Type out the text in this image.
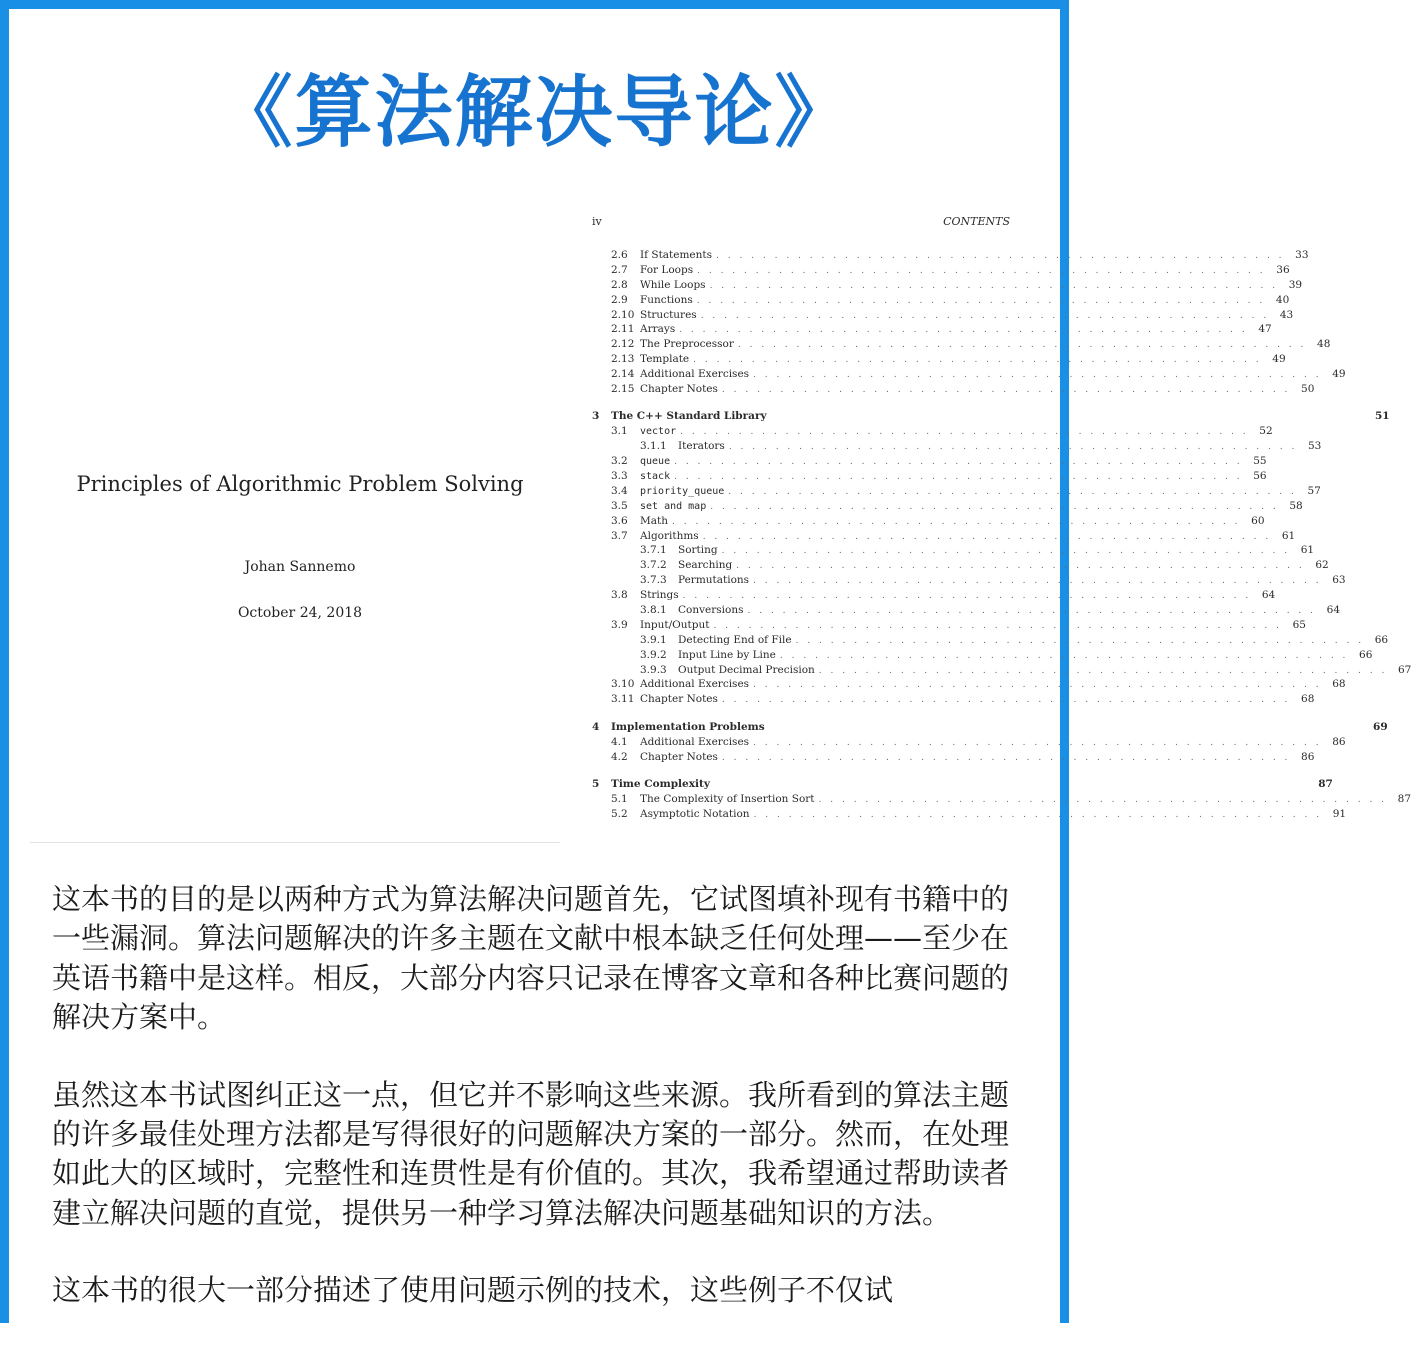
《算法解决导论》
Principles of Algorithmic Problem Solving
Johan Sannemo
October 24, 2018
iv	CONTENTS
2.6	If Statements . . . . . . . . . . . . . . . . . . . . . . . . . . . . . . . . . . . . . . . . . . . . . . . . .	33
2.7	For Loops . . . . . . . . . . . . . . . . . . . . . . . . . . . . . . . . . . . . . . . . . . . . . . . . .	36
2.8	While Loops . . . . . . . . . . . . . . . . . . . . . . . . . . . . . . . . . . . . . . . . . . . . . . . . .	39
2.9	Functions . . . . . . . . . . . . . . . . . . . . . . . . . . . . . . . . . . . . . . . . . . . . . . . . .	40
2.10 Structures . . . . . . . . . . . . . . . . . . . . . . . . . . . . . . . . . . . . . . . . . . . . . . . . .	43
2.11 Arrays . . . . . . . . . . . . . . . . . . . . . . . . . . . . . . . . . . . . . . . . . . . . . . . . .	47
2.12 The Preprocessor . . . . . . . . . . . . . . . . . . . . . . . . . . . . . . . . . . . . . . . . . . . . . . . . .	48
2.13 Template . . . . . . . . . . . . . . . . . . . . . . . . . . . . . . . . . . . . . . . . . . . . . . . . .	49
2.14 Additional Exercises . . . . . . . . . . . . . . . . . . . . . . . . . . . . . . . . . . . . . . . . . . . . . . . . .	49
2.15 Chapter Notes . . . . . . . . . . . . . . . . . . . . . . . . . . . . . . . . . . . . . . . . . . . . . . . . .	50
3	The C++ Standard Library	51
3.1	vector . . . . . . . . . . . . . . . . . . . . . . . . . . . . . . . . . . . . . . . . . . . . . . . . .	52
3.1.1	Iterators . . . . . . . . . . . . . . . . . . . . . . . . . . . . . . . . . . . . . . . . . . . . . . . . .	53
3.2	queue . . . . . . . . . . . . . . . . . . . . . . . . . . . . . . . . . . . . . . . . . . . . . . . . .	55
3.3	stack . . . . . . . . . . . . . . . . . . . . . . . . . . . . . . . . . . . . . . . . . . . . . . . . .	56
3.4	priority_queue . . . . . . . . . . . . . . . . . . . . . . . . . . . . . . . . . . . . . . . . . . . . . . . . .	57
3.5	set and map . . . . . . . . . . . . . . . . . . . . . . . . . . . . . . . . . . . . . . . . . . . . . . . . .	58
3.6	Math . . . . . . . . . . . . . . . . . . . . . . . . . . . . . . . . . . . . . . . . . . . . . . . . .	60
3.7	Algorithms . . . . . . . . . . . . . . . . . . . . . . . . . . . . . . . . . . . . . . . . . . . . . . . . .	61
3.7.1	Sorting . . . . . . . . . . . . . . . . . . . . . . . . . . . . . . . . . . . . . . . . . . . . . . . . .	61
3.7.2	Searching . . . . . . . . . . . . . . . . . . . . . . . . . . . . . . . . . . . . . . . . . . . . . . . . .	62
3.7.3	Permutations . . . . . . . . . . . . . . . . . . . . . . . . . . . . . . . . . . . . . . . . . . . . . . . . .	63
3.8	Strings . . . . . . . . . . . . . . . . . . . . . . . . . . . . . . . . . . . . . . . . . . . . . . . . .	64
3.8.1	Conversions . . . . . . . . . . . . . . . . . . . . . . . . . . . . . . . . . . . . . . . . . . . . . . . . .	64
3.9	Input/Output . . . . . . . . . . . . . . . . . . . . . . . . . . . . . . . . . . . . . . . . . . . . . . . . .	65
3.9.1	Detecting End of File . . . . . . . . . . . . . . . . . . . . . . . . . . . . . . . . . . . . . . . . . . . . . . . . .	66
3.9.2	Input Line by Line . . . . . . . . . . . . . . . . . . . . . . . . . . . . . . . . . . . . . . . . . . . . . . . . .	66
3.9.3	Output Decimal Precision . . . . . . . . . . . . . . . . . . . . . . . . . . . . . . . . . . . . . . . . . . . . . . . . .	67
3.10 Additional Exercises . . . . . . . . . . . . . . . . . . . . . . . . . . . . . . . . . . . . . . . . . . . . . . . . .	68
3.11 Chapter Notes . . . . . . . . . . . . . . . . . . . . . . . . . . . . . . . . . . . . . . . . . . . . . . . . .	68
4	Implementation Problems	69
4.1	Additional Exercises . . . . . . . . . . . . . . . . . . . . . . . . . . . . . . . . . . . . . . . . . . . . . . . . .	86
4.2	Chapter Notes . . . . . . . . . . . . . . . . . . . . . . . . . . . . . . . . . . . . . . . . . . . . . . . . .	86
5	Time Complexity	87
5.1	The Complexity of Insertion Sort . . . . . . . . . . . . . . . . . . . . . . . . . . . . . . . . . . . . . . . . . . . . . . . . .	87
5.2	Asymptotic Notation . . . . . . . . . . . . . . . . . . . . . . . . . . . . . . . . . . . . . . . . . . . . . . . . .	91

这本书的目的是以两种方式为算法解决问题首先，它试图填补现有书籍中的一些漏洞。算法问题解决的许多主题在文献中根本缺乏任何处理——至少在英语书籍中是这样。相反，大部分内容只记录在博客文章和各种比赛问题的解决方案中。

虽然这本书试图纠正这一点，但它并不影响这些来源。我所看到的算法主题的许多最佳处理方法都是写得很好的问题解决方案的一部分。然而，在处理如此大的区域时，完整性和连贯性是有价值的。其次，我希望通过帮助读者建立解决问题的直觉，提供另一种学习算法解决问题基础知识的方法。

这本书的很大一部分描述了使用问题示例的技术，这些例子不仅试
